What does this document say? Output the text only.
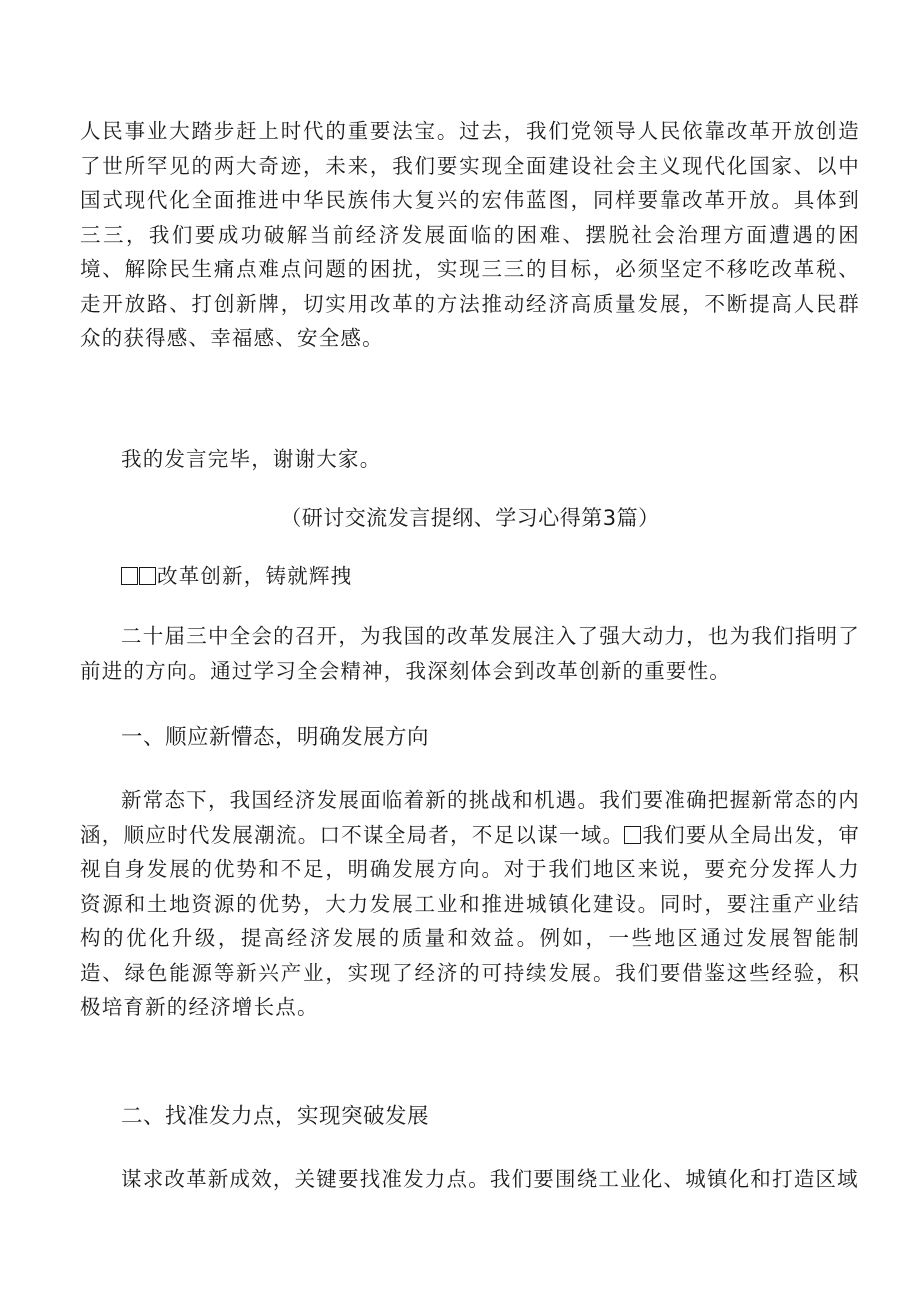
人民事业大踏步赶上时代的重要法宝。过去，我们党领导人民依靠改革开放创造了世所罕见的两大奇迹，未来，我们要实现全面建设社会主义现代化国家、以中国式现代化全面推进中华民族伟大复兴的宏伟蓝图，同样要靠改革开放。具体到三三，我们要成功破解当前经济发展面临的困难、摆脱社会治理方面遭遇的困境、解除民生痛点难点问题的困扰，实现三三的目标，必须坚定不移吃改革税、走开放路、打创新牌，切实用改革的方法推动经济高质量发展，不断提高人民群众的获得感、幸福感、安全感。

我的发言完毕，谢谢大家。

（研讨交流发言提纲、学习心得第3篇）

改革创新，铸就辉拽

二十届三中全会的召开，为我国的改革发展注入了强大动力，也为我们指明了前进的方向。通过学习全会精神，我深刻体会到改革创新的重要性。

一、顺应新懵态，明确发展方向

新常态下，我国经济发展面临着新的挑战和机遇。我们要准确把握新常态的内涵，顺应时代发展潮流。口不谋全局者，不足以谋一域。 我们要从全局出发，审视自身发展的优势和不足，明确发展方向。对于我们地区来说，要充分发挥人力资源和土地资源的优势，大力发展工业和推进城镇化建设。同时，要注重产业结构的优化升级，提高经济发展的质量和效益。例如，一些地区通过发展智能制造、绿色能源等新兴产业，实现了经济的可持续发展。我们要借鉴这些经验，积极培育新的经济增长点。

二、找准发力点，实现突破发展

谋求改革新成效，关键要找准发力点。我们要围绕工业化、城镇化和打造区域
